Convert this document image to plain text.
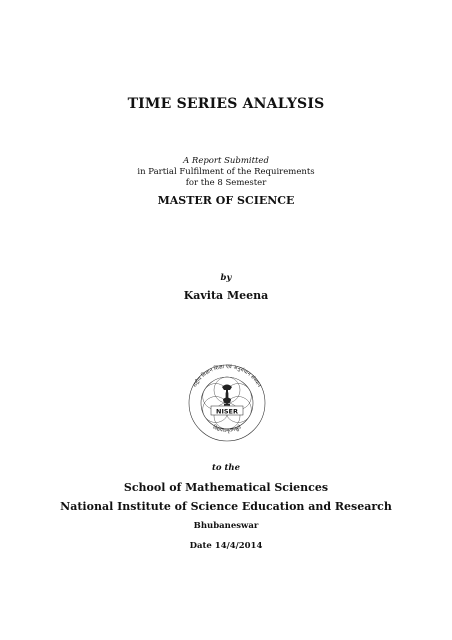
TIME SERIES ANALYSIS
A Report Submitted
in Partial Fulfilment of the Requirements
for the 8 Semester
MASTER OF SCIENCE
by
Kavita Meena
NISER
राष्ट्रीय विज्ञान शिक्षा एवं अनुसंधान संस्थान
विद्ययाऽमृतमश्नुते
to the
School of Mathematical Sciences
National Institute of Science Education and Research
Bhubaneswar
Date 14/4/2014
